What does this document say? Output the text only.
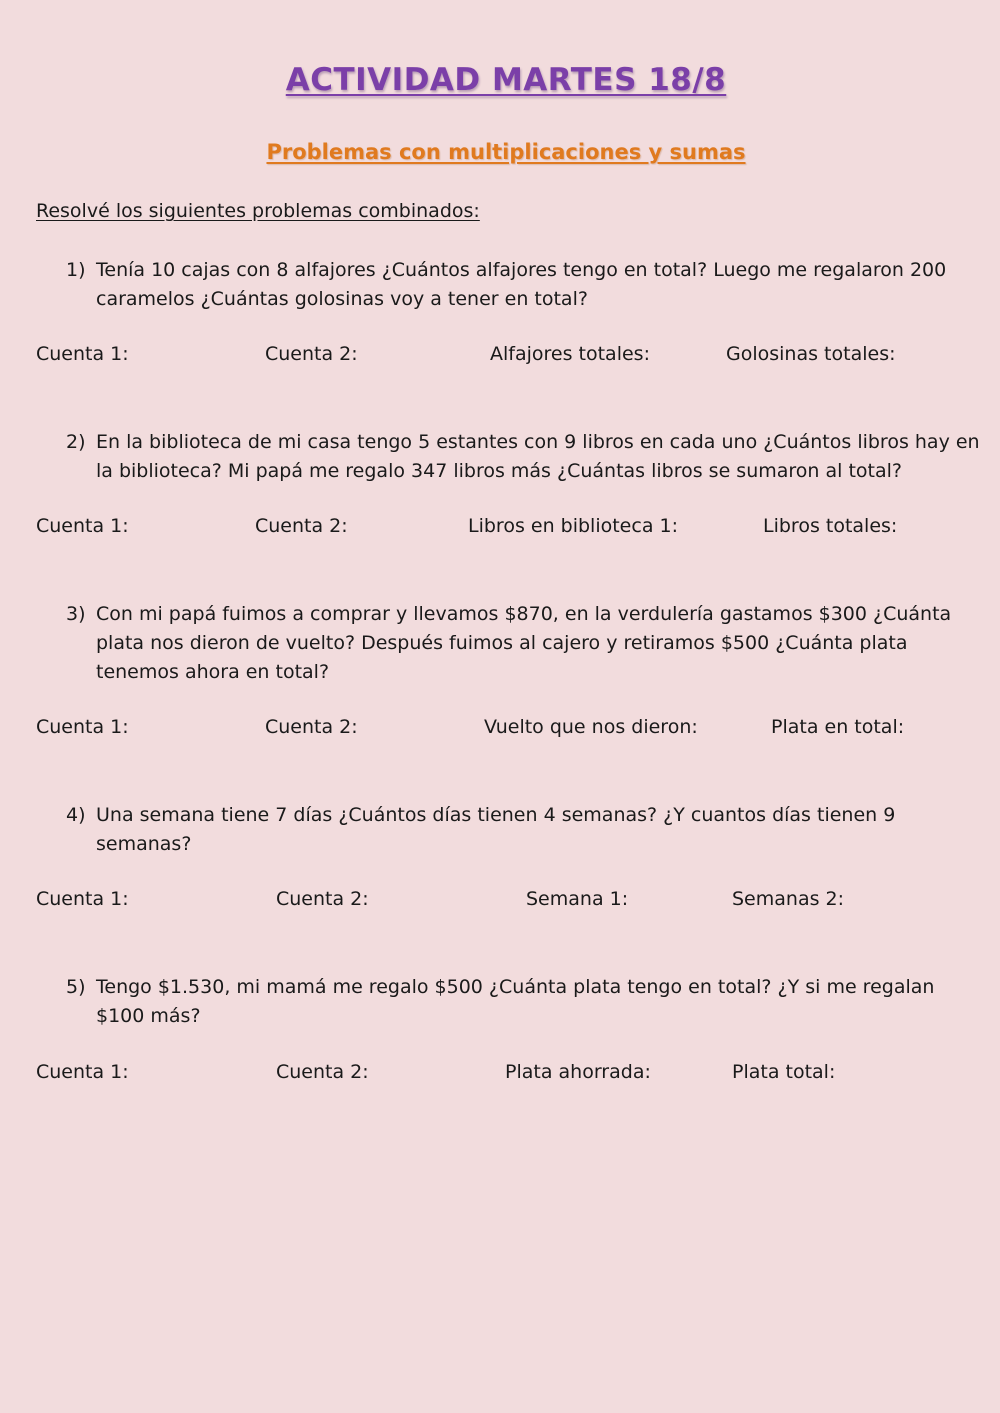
ACTIVIDAD MARTES 18/8
Problemas con multiplicaciones y sumas
Resolvé los siguientes problemas combinados:
1) Tenía 10 cajas con 8 alfajores ¿Cuántos alfajores tengo en total? Luego me regalaron 200 caramelos ¿Cuántas golosinas voy a tener en total?
Cuenta 1:	Cuenta 2:	Alfajores totales:	Golosinas totales:
2) En la biblioteca de mi casa tengo 5 estantes con 9 libros en cada uno ¿Cuántos libros hay en la biblioteca? Mi papá me regalo 347 libros más ¿Cuántas libros se sumaron al total?
Cuenta 1:	Cuenta 2:	Libros en biblioteca 1:	Libros totales:
3) Con mi papá fuimos a comprar y llevamos $870, en la verdulería gastamos $300 ¿Cuánta plata nos dieron de vuelto? Después fuimos al cajero y retiramos $500 ¿Cuánta plata tenemos ahora en total?
Cuenta 1:	Cuenta 2:	Vuelto que nos dieron:	Plata en total:
4) Una semana tiene 7 días ¿Cuántos días tienen 4 semanas? ¿Y cuantos días tienen 9 semanas?
Cuenta 1:	Cuenta 2:	Semana 1:	Semanas 2:
5) Tengo $1.530, mi mamá me regalo $500 ¿Cuánta plata tengo en total? ¿Y si me regalan $100 más?
Cuenta 1:	Cuenta 2:	Plata ahorrada:	Plata total:
